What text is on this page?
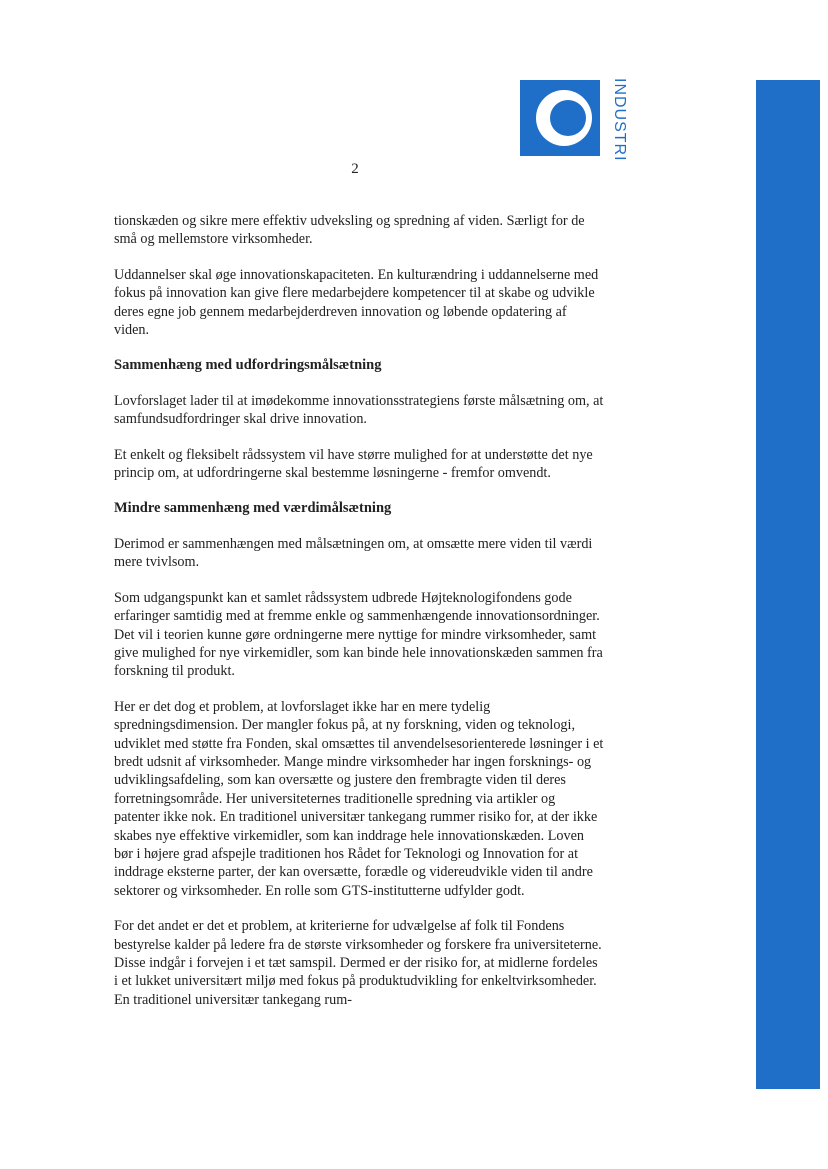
INDUSTRI
2

tionskæden og sikre mere effektiv udveksling og spredning af viden. Særligt for de små og mellemstore virksomheder.

Uddannelser skal øge innovationskapaciteten. En kulturændring i uddannelserne med fokus på innovation kan give flere medarbejdere kompetencer til at skabe og udvikle deres egne job gennem medarbejderdreven innovation og løbende opdatering af viden.

Sammenhæng med udfordringsmålsætning

Lovforslaget lader til at imødekomme innovationsstrategiens første målsætning om, at samfundsudfordringer skal drive innovation.

Et enkelt og fleksibelt rådssystem vil have større mulighed for at understøtte det nye princip om, at udfordringerne skal bestemme løsningerne - fremfor omvendt.

Mindre sammenhæng med værdimålsætning

Derimod er sammenhængen med målsætningen om, at omsætte mere viden til værdi mere tvivlsom.

Som udgangspunkt kan et samlet rådssystem udbrede Højteknologifondens gode erfaringer samtidig med at fremme enkle og sammenhængende innovationsordninger. Det vil i teorien kunne gøre ordningerne mere nyttige for mindre virksomheder, samt give mulighed for nye virkemidler, som kan binde hele innovationskæden sammen fra forskning til produkt.

Her er det dog et problem, at lovforslaget ikke har en mere tydelig spredningsdimension. Der mangler fokus på, at ny forskning, viden og teknologi, udviklet med støtte fra Fonden, skal omsættes til anvendelsesorienterede løsninger i et bredt udsnit af virksomheder. Mange mindre virksomheder har ingen forsknings- og udviklingsafdeling, som kan oversætte og justere den frembragte viden til deres forretningsområde. Her universiteternes traditionelle spredning via artikler og patenter ikke nok. En traditionel universitær tankegang rummer risiko for, at der ikke skabes nye effektive virkemidler, som kan inddrage hele innovationskæden. Loven bør i højere grad afspejle traditionen hos Rådet for Teknologi og Innovation for at inddrage eksterne parter, der kan oversætte, forædle og videreudvikle viden til andre sektorer og virksomheder. En rolle som GTS-institutterne udfylder godt.

For det andet er det et problem, at kriterierne for udvælgelse af folk til Fondens bestyrelse kalder på ledere fra de største virksomheder og forskere fra universiteterne. Disse indgår i forvejen i et tæt samspil. Dermed er der risiko for, at midlerne fordeles i et lukket universitært miljø med fokus på produktudvikling for enkeltvirksomheder. En traditionel universitær tankegang rum-
